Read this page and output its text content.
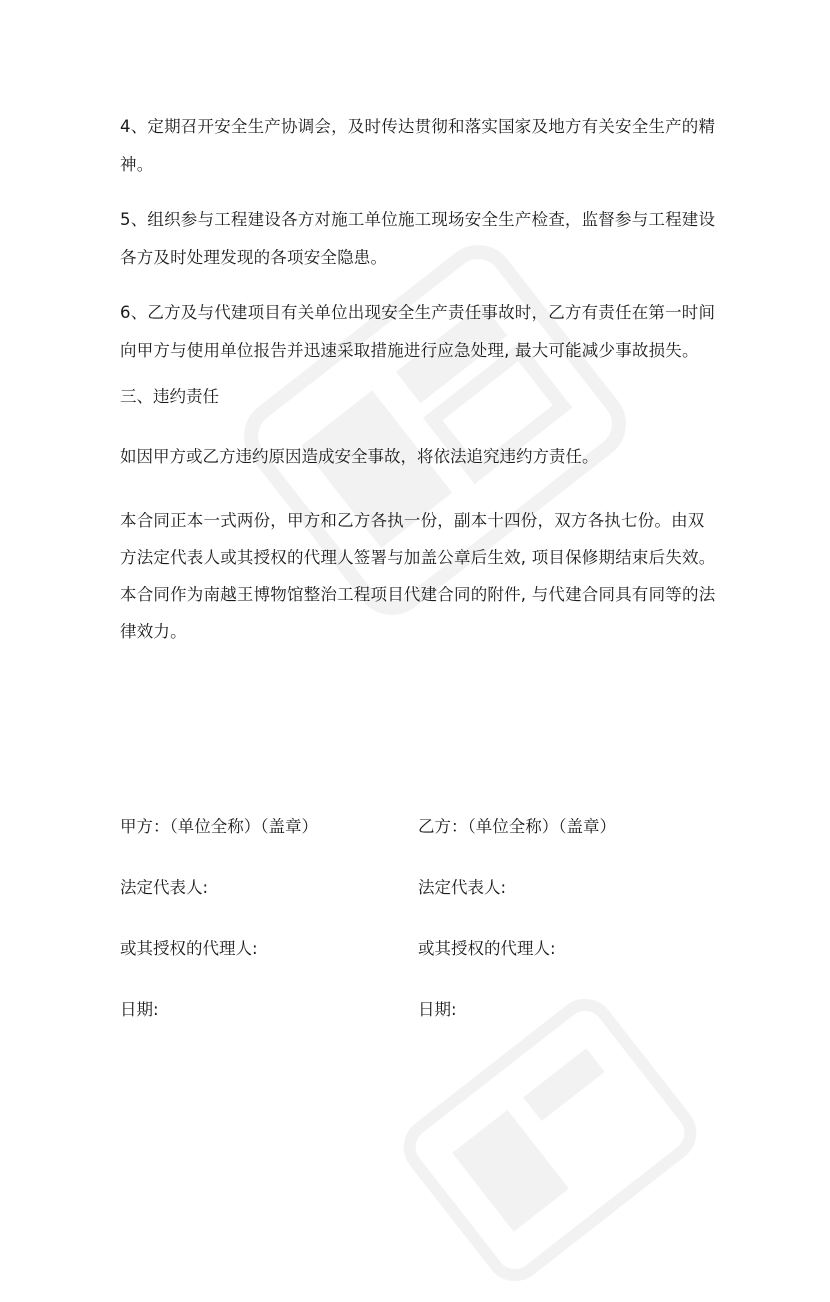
4、定期召开安全生产协调会，及时传达贯彻和落实国家及地方有关安全生产的精神。

5、组织参与工程建设各方对施工单位施工现场安全生产检查，监督参与工程建设各方及时处理发现的各项安全隐患。

6、乙方及与代建项目有关单位出现安全生产责任事故时，乙方有责任在第一时间向甲方与使用单位报告并迅速采取措施进行应急处理, 最大可能减少事故损失。

三、违约责任
如因甲方或乙方违约原因造成安全事故，将依法追究违约方责任。

本合同正本一式两份，甲方和乙方各执一份，副本十四份，双方各执七份。由双方法定代表人或其授权的代理人签署与加盖公章后生效, 项目保修期结束后失效。本合同作为南越王博物馆整治工程项目代建合同的附件, 与代建合同具有同等的法律效力。

甲方：（单位全称）（盖章）	乙方：（单位全称）（盖章）
法定代表人:	法定代表人:
或其授权的代理人:	或其授权的代理人:
日期:	日期:
